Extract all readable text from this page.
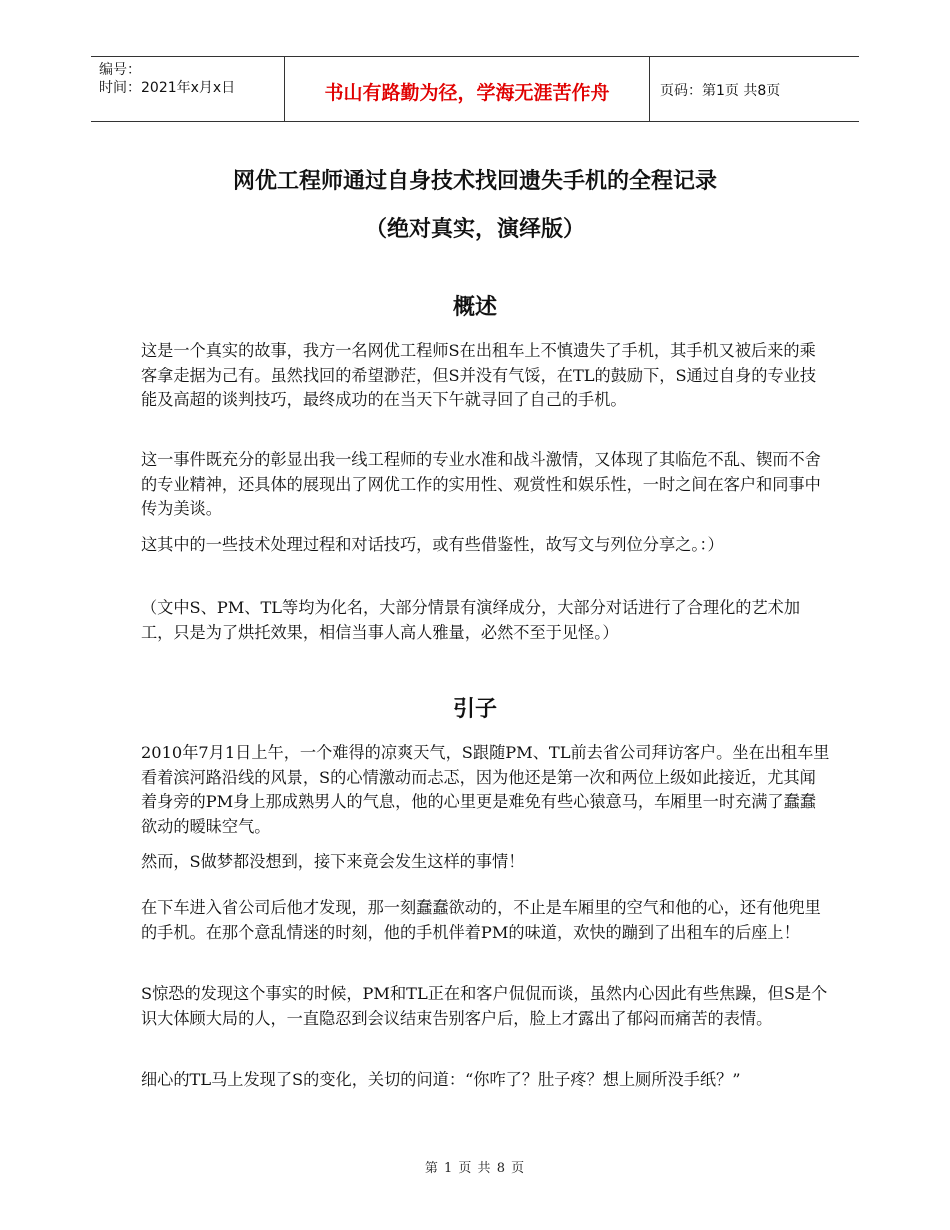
编号：
时间：2021年x月x日	书山有路勤为径，学海无涯苦作舟	页码：第1页 共8页
网优工程师通过自身技术找回遗失手机的全程记录
（绝对真实，演绎版）
概述

这是一个真实的故事，我方一名网优工程师S在出租车上不慎遗失了手机，其手机又被后来的乘客拿走据为己有。虽然找回的希望渺茫，但S并没有气馁，在TL的鼓励下，S通过自身的专业技能及高超的谈判技巧，最终成功的在当天下午就寻回了自己的手机。

这一事件既充分的彰显出我一线工程师的专业水准和战斗激情，又体现了其临危不乱、锲而不舍的专业精神，还具体的展现出了网优工作的实用性、观赏性和娱乐性，一时之间在客户和同事中传为美谈。

这其中的一些技术处理过程和对话技巧，或有些借鉴性，故写文与列位分享之。：）

（文中S、PM、TL等均为化名，大部分情景有演绎成分，大部分对话进行了合理化的艺术加工，只是为了烘托效果，相信当事人高人雅量，必然不至于见怪。）

引子

2010年7月1日上午，一个难得的凉爽天气，S跟随PM、TL前去省公司拜访客户。坐在出租车里看着滨河路沿线的风景，S的心情激动而忐忑，因为他还是第一次和两位上级如此接近，尤其闻着身旁的PM身上那成熟男人的气息，他的心里更是难免有些心猿意马，车厢里一时充满了蠢蠢欲动的暧昧空气。

然而，S做梦都没想到，接下来竟会发生这样的事情！

在下车进入省公司后他才发现，那一刻蠢蠢欲动的，不止是车厢里的空气和他的心，还有他兜里的手机。在那个意乱情迷的时刻，他的手机伴着PM的味道，欢快的蹦到了出租车的后座上！

S惊恐的发现这个事实的时候，PM和TL正在和客户侃侃而谈，虽然内心因此有些焦躁，但S是个识大体顾大局的人，一直隐忍到会议结束告别客户后，脸上才露出了郁闷而痛苦的表情。

细心的TL马上发现了S的变化，关切的问道：“你咋了？肚子疼？想上厕所没手纸？”

第 1 页 共 8 页
